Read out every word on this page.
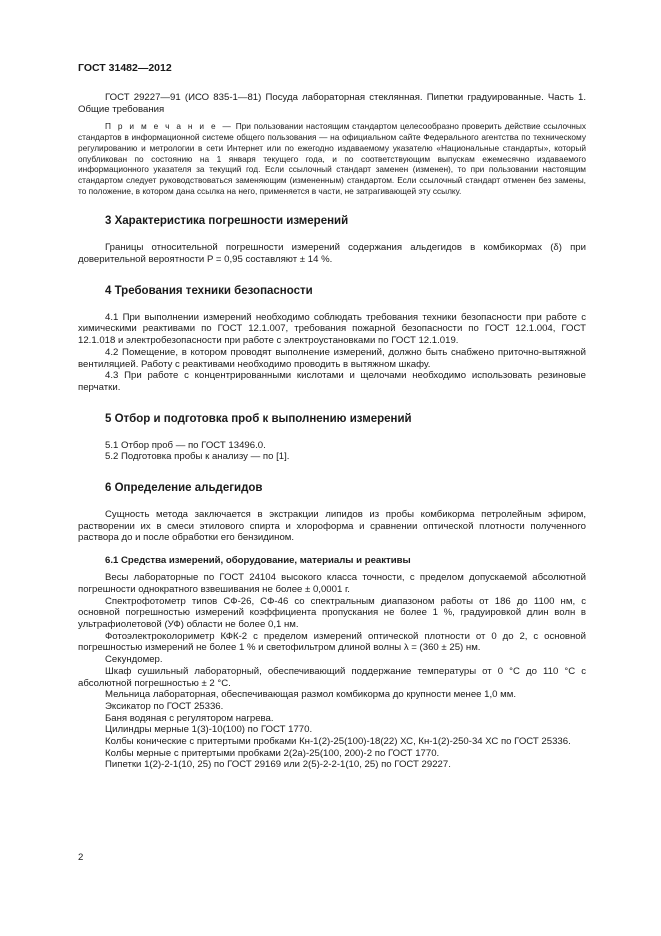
ГОСТ 31482—2012

ГОСТ 29227—91 (ИСО 835-1—81) Посуда лабораторная стеклянная. Пипетки градуированные. Часть 1. Общие требования

П р и м е ч а н и е — При пользовании настоящим стандартом целесообразно проверить действие ссылочных стандартов в информационной системе общего пользования — на официальном сайте Федерального агентства по техническому регулированию и метрологии в сети Интернет или по ежегодно издаваемому указателю «Национальные стандарты», который опубликован по состоянию на 1 января текущего года, и по соответствующим выпускам ежемесячно издаваемого информационного указателя за текущий год. Если ссылочный стандарт заменен (изменен), то при пользовании настоящим стандартом следует руководствоваться заменяющим (измененным) стандартом. Если ссылочный стандарт отменен без замены, то положение, в котором дана ссылка на него, применяется в части, не затрагивающей эту ссылку.

3 Характеристика погрешности измерений

Границы относительной погрешности измерений содержания альдегидов в комбикормах (δ) при доверительной вероятности P = 0,95 составляют ± 14 %.

4 Требования техники безопасности

4.1 При выполнении измерений необходимо соблюдать требования техники безопасности при работе с химическими реактивами по ГОСТ 12.1.007, требования пожарной безопасности по ГОСТ 12.1.004, ГОСТ 12.1.018 и электробезопасности при работе с электроустановками по ГОСТ 12.1.019.

4.2 Помещение, в котором проводят выполнение измерений, должно быть снабжено приточно-вытяжной вентиляцией. Работу с реактивами необходимо проводить в вытяжном шкафу.

4.3 При работе с концентрированными кислотами и щелочами необходимо использовать резиновые перчатки.

5 Отбор и подготовка проб к выполнению измерений

5.1 Отбор проб — по ГОСТ 13496.0.

5.2 Подготовка пробы к анализу — по [1].

6 Определение альдегидов

Сущность метода заключается в экстракции липидов из пробы комбикорма петролейным эфиром, растворении их в смеси этилового спирта и хлороформа и сравнении оптической плотности полученного раствора до и после обработки его бензидином.

6.1 Средства измерений, оборудование, материалы и реактивы

Весы лабораторные по ГОСТ 24104 высокого класса точности, с пределом допускаемой абсолютной погрешности однократного взвешивания не более ± 0,0001 г.

Спектрофотометр типов СФ-26, СФ-46 со спектральным диапазоном работы от 186 до 1100 нм, с основной погрешностью измерений коэффициента пропускания не более 1 %, градуировкой длин волн в ультрафиолетовой (УФ) области не более 0,1 нм.

Фотоэлектроколориметр КФК-2 с пределом измерений оптической плотности от 0 до 2, с основной погрешностью измерений не более 1 % и светофильтром длиной волны λ = (360 ± 25) нм.

Секундомер.

Шкаф сушильный лабораторный, обеспечивающий поддержание температуры от 0 °С до 110 °С с абсолютной погрешностью ± 2 °С.

Мельница лабораторная, обеспечивающая размол комбикорма до крупности менее 1,0 мм.

Эксикатор по ГОСТ 25336.

Баня водяная с регулятором нагрева.

Цилиндры мерные 1(3)-10(100) по ГОСТ 1770.

Колбы конические с притертыми пробками Кн-1(2)-25(100)-18(22) ХС, Кн-1(2)-250-34 ХС по ГОСТ 25336.

Колбы мерные с притертыми пробками 2(2а)-25(100, 200)-2 по ГОСТ 1770.

Пипетки 1(2)-2-1(10, 25) по ГОСТ 29169 или 2(5)-2-2-1(10, 25) по ГОСТ 29227.

2
